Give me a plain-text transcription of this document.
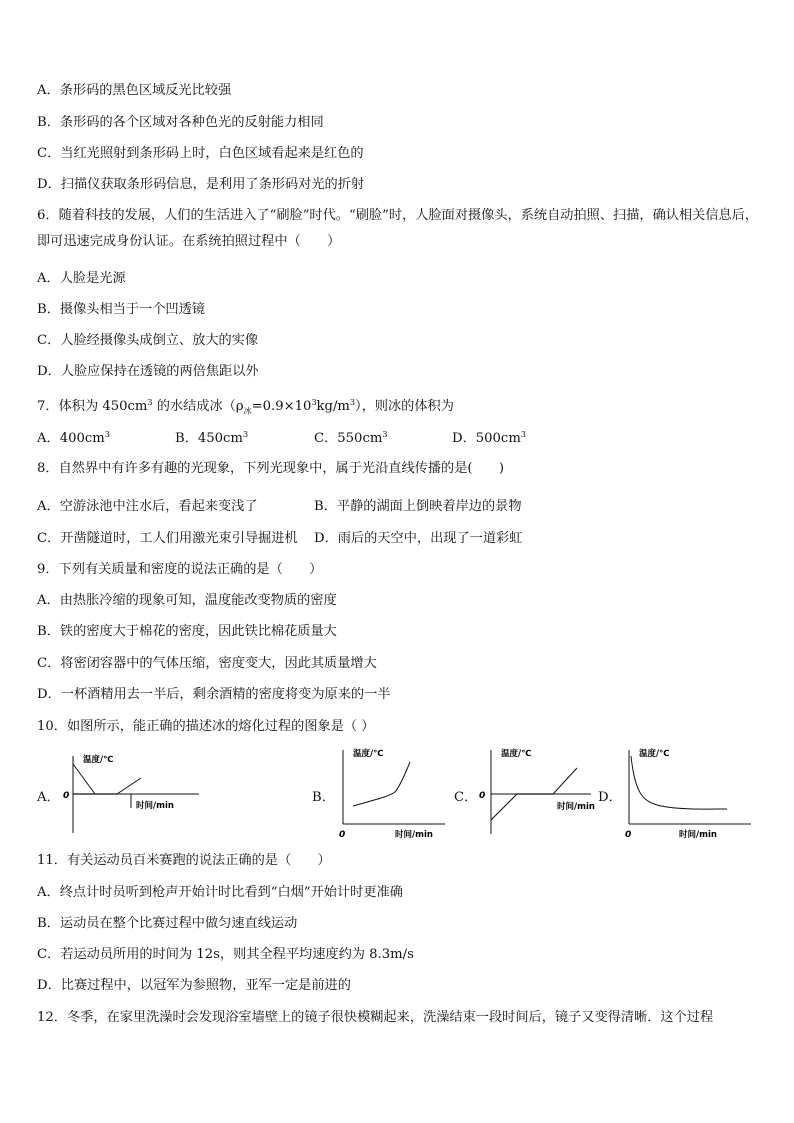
A．条形码的黑色区域反光比较强
B．条形码的各个区域对各种色光的反射能力相同
C．当红光照射到条形码上时，白色区域看起来是红色的
D．扫描仪获取条形码信息，是利用了条形码对光的折射
6．随着科技的发展，人们的生活进入了“刷脸”时代。“刷脸”时，人脸面对摄像头，系统自动拍照、扫描，确认相关信息后，即可迅速完成身份认证。在系统拍照过程中（　　）
A．人脸是光源
B．摄像头相当于一个凹透镜
C．人脸经摄像头成倒立、放大的实像
D．人脸应保持在透镜的两倍焦距以外
7．体积为 $450cm^3$ 的水结成冰$(\rho_冰=0.9\times 10^3kg/m^3)$，则冰的体积为
A．$400cm^3$	B．$450cm^3$	C．$550cm^3$	D．$500cm^3$
8．自然界中有许多有趣的光现象，下列光现象中，属于光沿直线传播的是(　　)
A．空游泳池中注水后，看起来变浅了	B．平静的湖面上倒映着岸边的景物
C．开凿隧道时，工人们用激光束引导掘进机 D．雨后的天空中，出现了一道彩虹
9．下列有关质量和密度的说法正确的是（　　）
A．由热胀冷缩的现象可知，温度能改变物质的密度
B．铁的密度大于棉花的密度，因此铁比棉花质量大
C．将密闭容器中的气体压缩，密度变大，因此其质量增大
D．一杯酒精用去一半后，剩余酒精的密度将变为原来的一半
10．如图所示，能正确的描述冰的熔化过程的图象是（ ）
A．
温度/℃
0
时间/min
B．
温度/℃
0	时间/min
C．
温度/℃
0
时间/min
D．
温度/℃
0	时间/min
11．有关运动员百米赛跑的说法正确的是（　　）
A．终点计时员听到枪声开始计时比看到“白烟”开始计时更准确
B．运动员在整个比赛过程中做匀速直线运动
C．若运动员所用的时间为 12s，则其全程平均速度约为 8.3m/s
D．比赛过程中，以冠军为参照物，亚军一定是前进的
12．冬季，在家里洗澡时会发现浴室墙壁上的镜子很快模糊起来，洗澡结束一段时间后，镜子又变得清晰．这个过程
